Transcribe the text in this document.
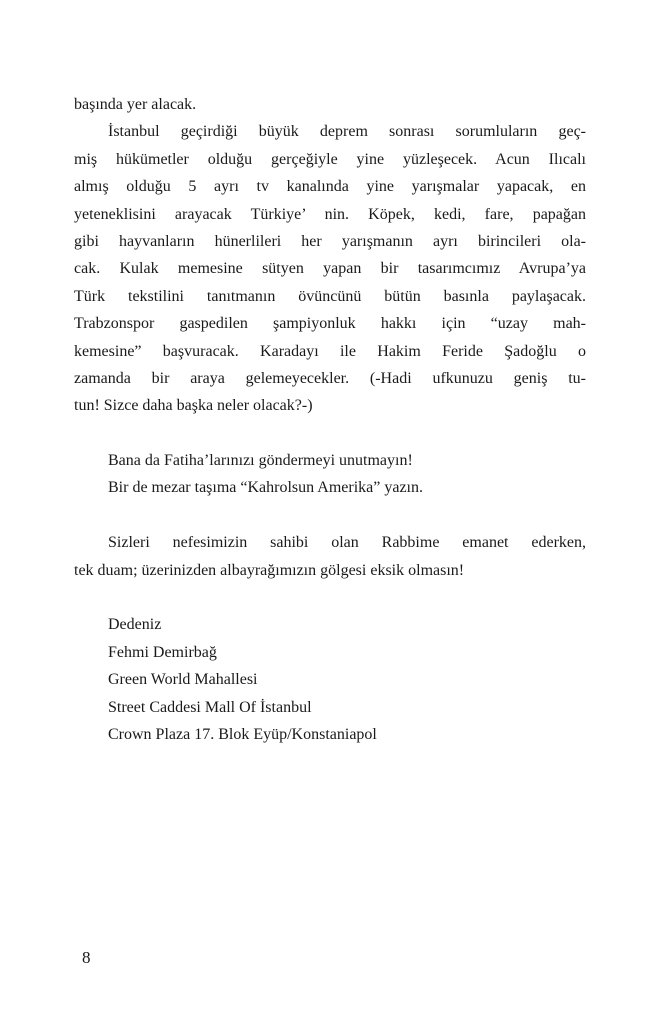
başında yer alacak.
İstanbul geçirdiği büyük deprem sonrası sorumluların geç-
miş hükümetler olduğu gerçeğiyle yine yüzleşecek. Acun Ilıcalı
almış olduğu 5 ayrı tv kanalında yine yarışmalar yapacak, en
yeteneklisini arayacak Türkiye’ nin. Köpek, kedi, fare, papağan
gibi hayvanların hünerlileri her yarışmanın ayrı birincileri ola-
cak. Kulak memesine sütyen yapan bir tasarımcımız Avrupa’ya
Türk tekstilini tanıtmanın övüncünü bütün basınla paylaşacak.
Trabzonspor gaspedilen şampiyonluk hakkı için “uzay mah-
kemesine” başvuracak. Karadayı ile Hakim Feride Şadoğlu o
zamanda bir araya gelemeyecekler. (-Hadi ufkunuzu geniş tu-
tun! Sizce daha başka neler olacak?-)
Bana da Fatiha’larınızı göndermeyi unutmayın!
Bir de mezar taşıma “Kahrolsun Amerika” yazın.
Sizleri nefesimizin sahibi olan Rabbime emanet ederken,
tek duam; üzerinizden albayrağımızın gölgesi eksik olmasın!
Dedeniz
Fehmi Demirbağ
Green World Mahallesi
Street Caddesi Mall Of İstanbul
Crown Plaza 17. Blok Eyüp/Konstaniapol
8
